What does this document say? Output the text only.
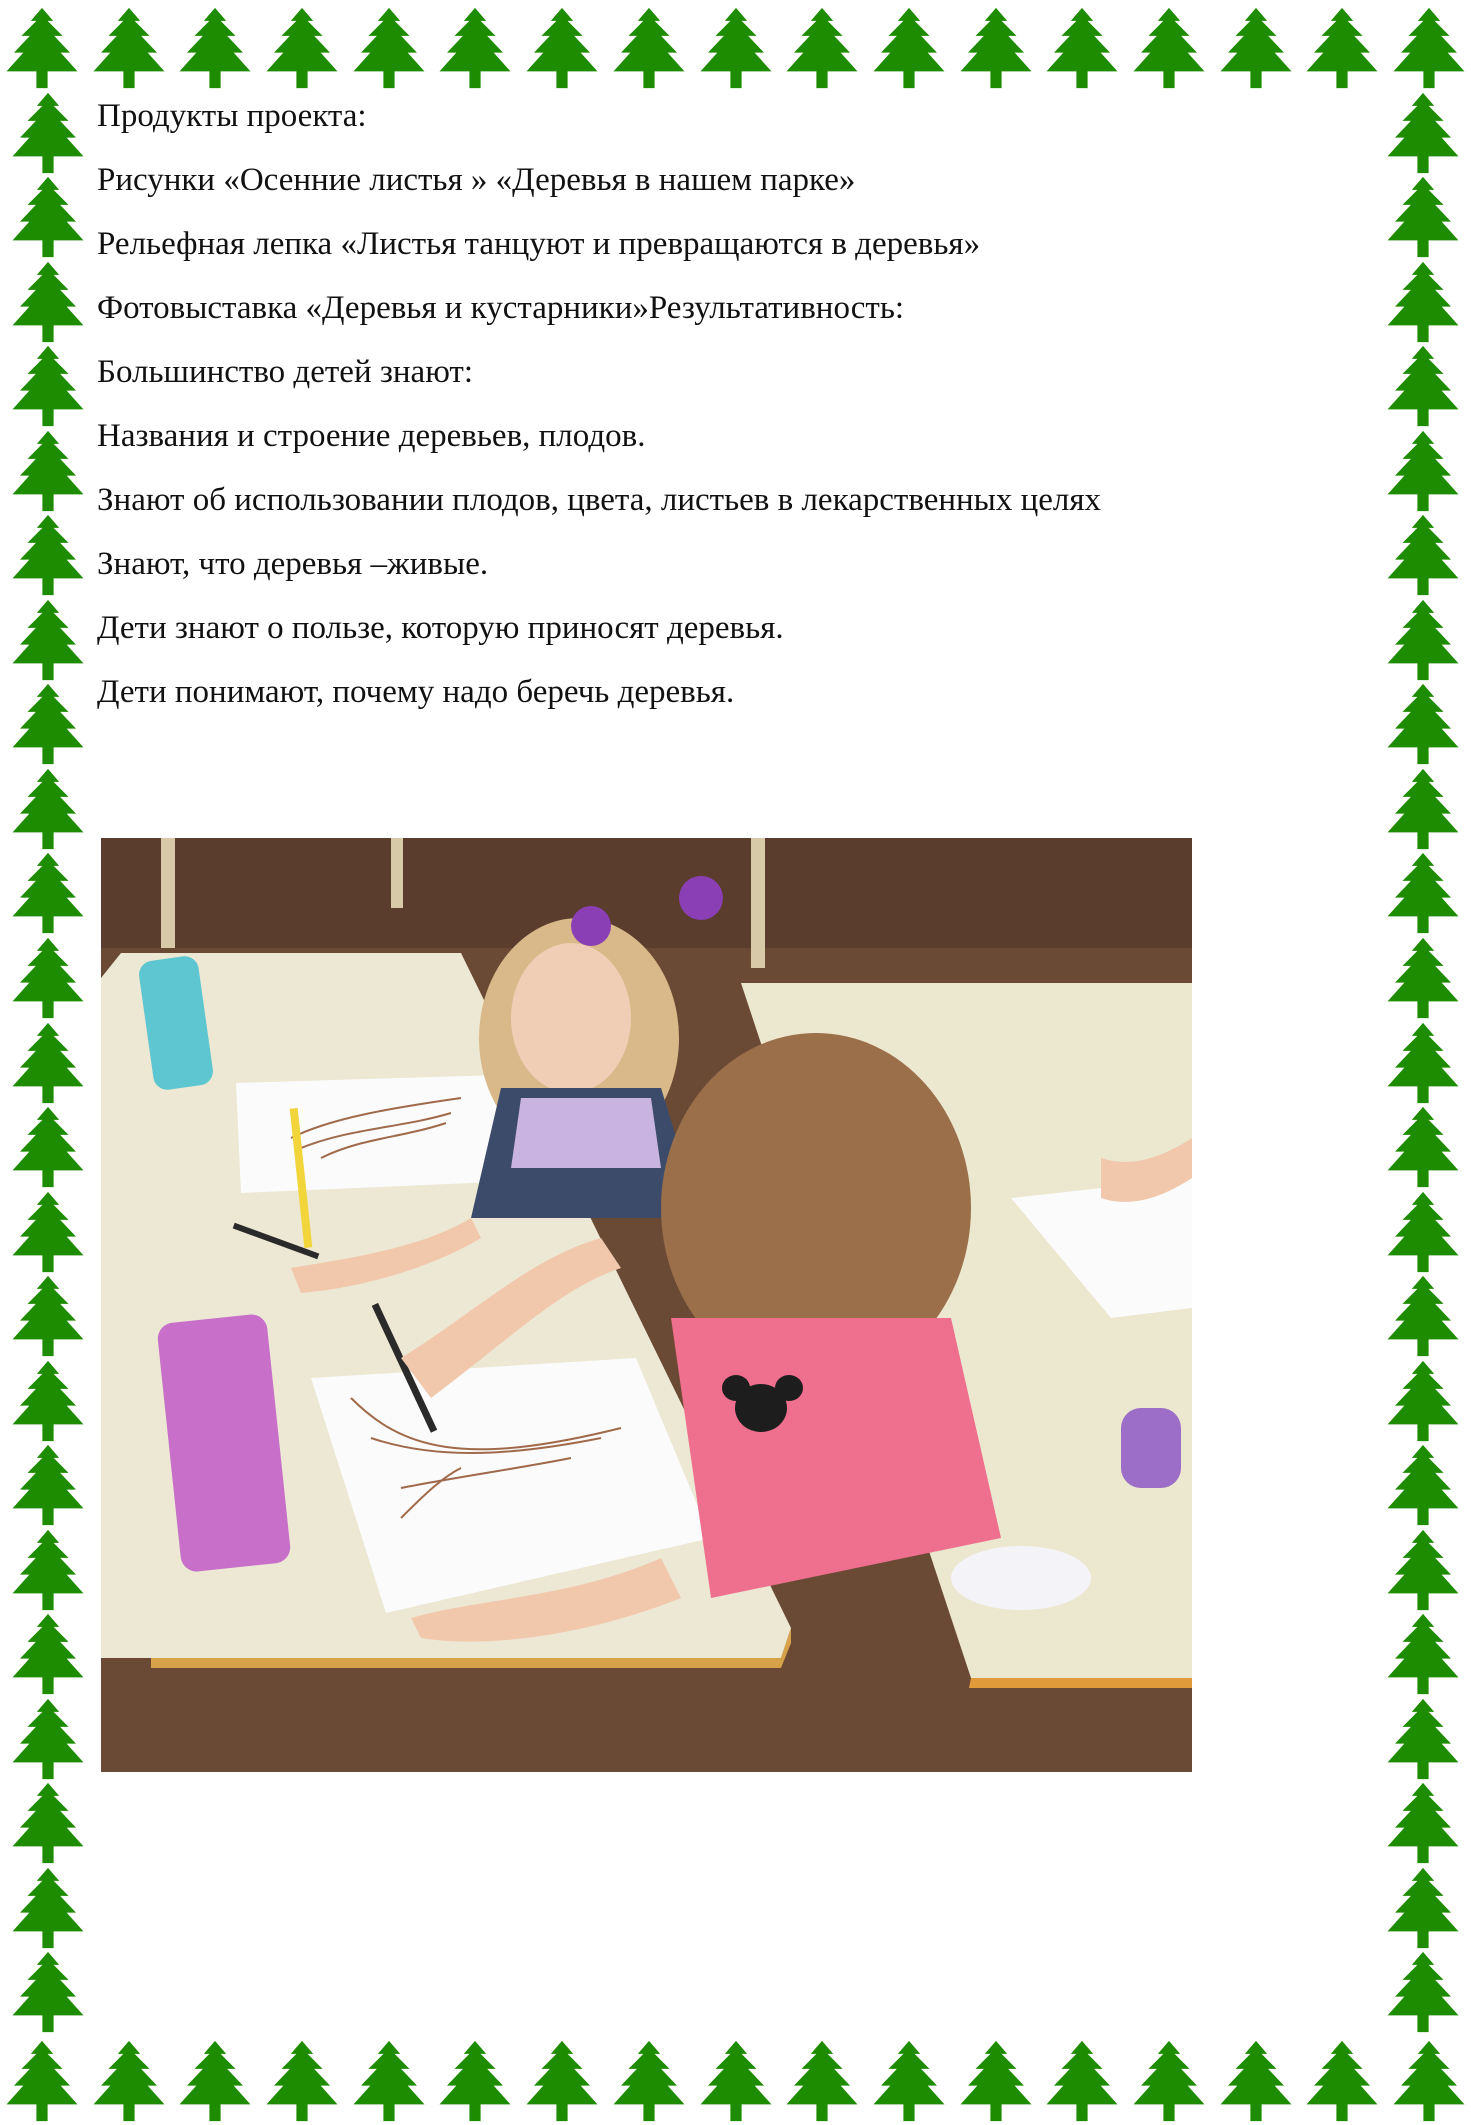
Продукты проекта:
Рисунки «Осенние листья » «Деревья в нашем парке»
Рельефная лепка «Листья танцуют и превращаются в деревья»
Фотовыставка «Деревья и кустарники»Результативность:
Большинство детей знают:
Названия и строение деревьев, плодов.
Знают об использовании плодов, цвета, листьев в лекарственных целях
Знают, что деревья –живые.
Дети знают о пользе, которую приносят деревья.
Дети понимают, почему надо беречь деревья.
